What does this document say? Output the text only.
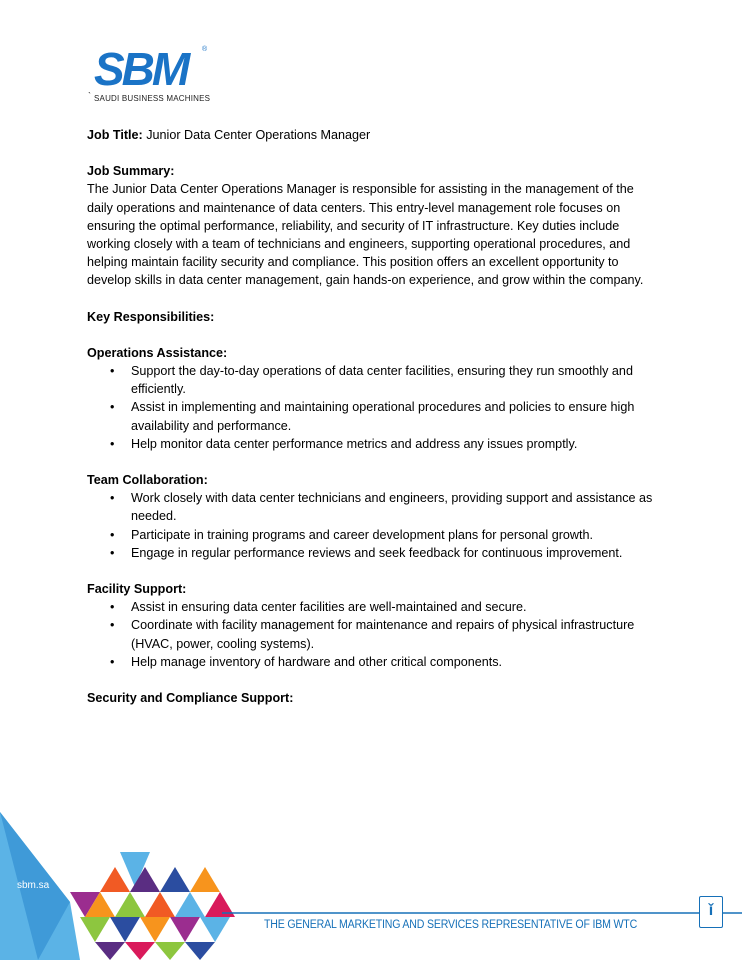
SBM ®
` SAUDI BUSINESS MACHINES

Job Title: Junior Data Center Operations Manager

Job Summary:

The Junior Data Center Operations Manager is responsible for assisting in the management of the daily operations and maintenance of data centers. This entry-level management role focuses on ensuring the optimal performance, reliability, and security of IT infrastructure. Key duties include working closely with a team of technicians and engineers, supporting operational procedures, and helping maintain facility security and compliance. This position offers an excellent opportunity to develop skills in data center management, gain hands-on experience, and grow within the company.

Key Responsibilities:

Operations Assistance:

• Support the day-to-day operations of data center facilities, ensuring they run smoothly and efficiently.
• Assist in implementing and maintaining operational procedures and policies to ensure high availability and performance.
• Help monitor data center performance metrics and address any issues promptly.

Team Collaboration:

• Work closely with data center technicians and engineers, providing support and assistance as needed.
• Participate in training programs and career development plans for personal growth.
• Engage in regular performance reviews and seek feedback for continuous improvement.

Facility Support:

• Assist in ensuring data center facilities are well-maintained and secure.
• Coordinate with facility management for maintenance and repairs of physical infrastructure (HVAC, power, cooling systems).
• Help manage inventory of hardware and other critical components.

Security and Compliance Support:

sbm.sa
THE GENERAL MARKETING AND SERVICES REPRESENTATIVE OF IBM WTC
ǐ
